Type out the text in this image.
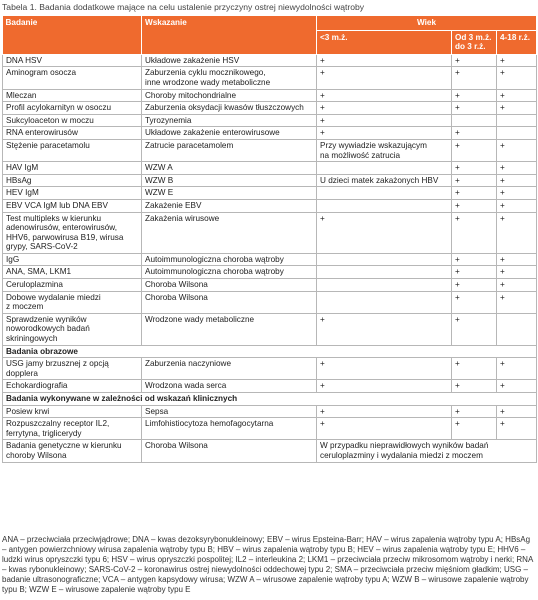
Tabela 1. Badania dodatkowe mające na celu ustalenie przyczyny ostrej niewydolności wątroby
Badanie	Wskazanie	Wiek		
		<3 m.ż.	Od 3 m.ż.
do 3 r.ż.	4-18 r.ż.
DNA HSV	Układowe zakażenie HSV	+	+	+
Aminogram osocza	Zaburzenia cyklu mocznikowego,
inne wrodzone wady metaboliczne	+	+	+
Mleczan	Choroby mitochondrialne	+	+	+
Profil acylokarnityn w osoczu	Zaburzenia oksydacji kwasów tłuszczowych	+	+	+
Sukcyloaceton w moczu	Tyrozynemia	+		
RNA enterowirusów	Układowe zakażenie enterowirusowe	+	+	
Stężenie paracetamolu	Zatrucie paracetamolem	Przy wywiadzie wskazującym
na możliwość zatrucia	+	+
HAV IgM	WZW A		+	+
HBsAg	WZW B	U dzieci matek zakażonych HBV	+	+
HEV IgM	WZW E		+	+
EBV VCA IgM lub DNA EBV	Zakażenie EBV		+	+
Test multipleks w kierunku
adenowirusów, enterowirusów,
HHV6, parwowirusa B19, wirusa
grypy, SARS-CoV-2	Zakażenia wirusowe	+	+	+
IgG	Autoimmunologiczna choroba wątroby		+	+
ANA, SMA, LKM1	Autoimmunologiczna choroba wątroby		+	+
Ceruloplazmina	Choroba Wilsona		+	+
Dobowe wydalanie miedzi
z moczem	Choroba Wilsona		+	+
Sprawdzenie wyników
noworodkowych badań
skriningowych	Wrodzone wady metaboliczne	+	+	
Badania obrazowe				
USG jamy brzusznej z opcją
dopplera	Zaburzenia naczyniowe	+	+	+
Echokardiografia	Wrodzona wada serca	+	+	+
Badania wykonywane w zależności od wskazań klinicznych				
Posiew krwi	Sepsa	+	+	+
Rozpuszczalny receptor IL2,
ferrytyna, triglicerydy	Limfohistiocytoza hemofagocytarna	+	+	+
Badania genetyczne w kierunku
choroby Wilsona	Choroba Wilsona	W przypadku nieprawidłowych wyników badań
ceruloplazminy i wydalania miedzi z moczem		
ANA – przeciwciała przeciwjądrowe; DNA – kwas dezoksyrybonukleinowy; EBV – wirus Epsteina-Barr; HAV – wirus zapalenia wątroby typu A; HBsAg – antygen powierzchniowy wirusa zapalenia wątroby typu B; HBV – wirus zapalenia wątroby typu B; HEV – wirus zapalenia wątroby typu E; HHV6 – ludzki wirus opryszczki typu 6; HSV – wirus opryszczki pospolitej; IL2 – interleukina 2; LKM1 – przeciwciała przeciw mikrosomom wątroby i nerki; RNA – kwas rybonukleinowy; SARS-CoV-2 – koronawirus ostrej niewydolności oddechowej typu 2; SMA – przeciwciała przeciw mięśniom gładkim; USG – badanie ultrasonograficzne; VCA – antygen kapsydowy wirusa; WZW A – wirusowe zapalenie wątroby typu A; WZW B – wirusowe zapalenie wątroby typu B; WZW E – wirusowe zapalenie wątroby typu E
